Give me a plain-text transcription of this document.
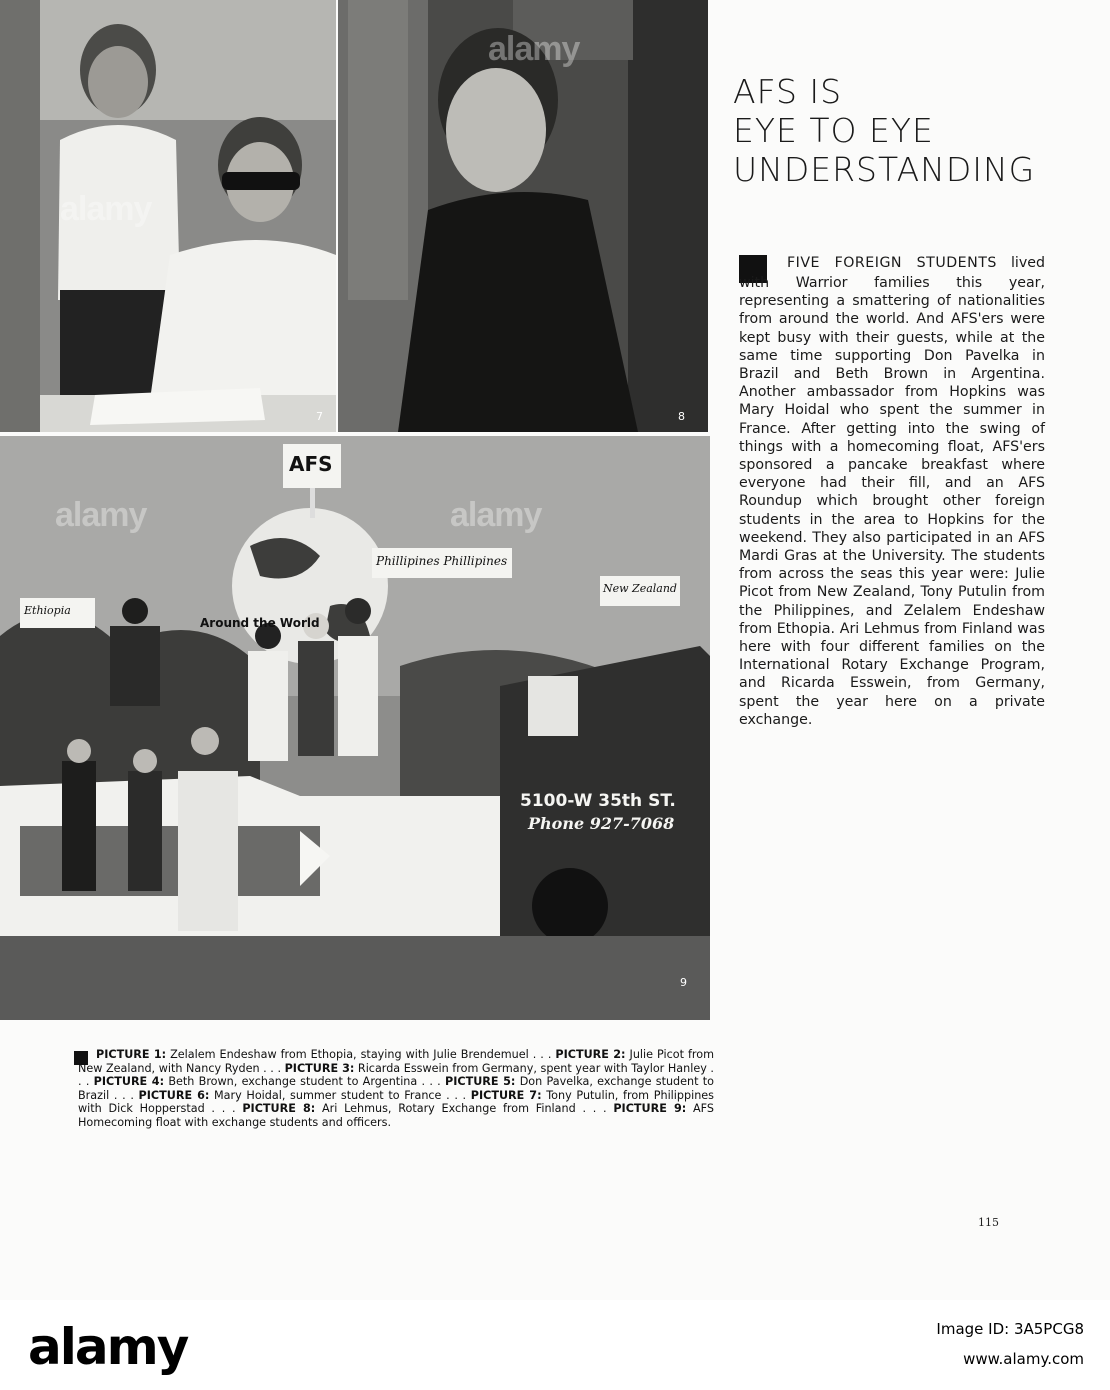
alamy
7
alamy
8
AFS
Phillipines Phillipines
New Zealand
Ethiopia
Around the World
5100-W 35th ST.
Phone 927-7068
alamy	alamy
9
AFS IS
EYE TO EYE
UNDERSTANDING
FIVE FOREIGN STUDENTS lived with Warrior families this year, representing a smattering of nationalities from around the world. And AFS'ers were kept busy with their guests, while at the same time supporting Don Pavelka in Brazil and Beth Brown in Argentina. Another ambassador from Hopkins was Mary Hoidal who spent the summer in France. After getting into the swing of things with a homecoming float, AFS'ers sponsored a pancake breakfast where everyone had their fill, and an AFS Roundup which brought other foreign students in the area to Hopkins for the weekend. They also participated in an AFS Mardi Gras at the University. The students from across the seas this year were: Julie Picot from New Zealand, Tony Putulin from the Philippines, and Zelalem Endeshaw from Ethopia. Ari Lehmus from Finland was here with four different families on the International Rotary Exchange Program, and Ricarda Esswein, from Germany, spent the year here on a private exchange.
PICTURE 1: Zelalem Endeshaw from Ethopia, staying with Julie Brendemuel . . . PICTURE 2: Julie Picot from New Zealand, with Nancy Ryden . . . PICTURE 3: Ricarda Esswein from Germany, spent year with Taylor Hanley . . . PICTURE 4: Beth Brown, exchange student to Argentina . . . PICTURE 5: Don Pavelka, exchange student to Brazil . . . PICTURE 6: Mary Hoidal, summer student to France . . . PICTURE 7: Tony Putulin, from Philippines with Dick Hopperstad . . . PICTURE 8: Ari Lehmus, Rotary Exchange from Finland . . . PICTURE 9: AFS Homecoming float with exchange students and officers.
115
alamy	Image ID: 3A5PCG8
www.alamy.com
